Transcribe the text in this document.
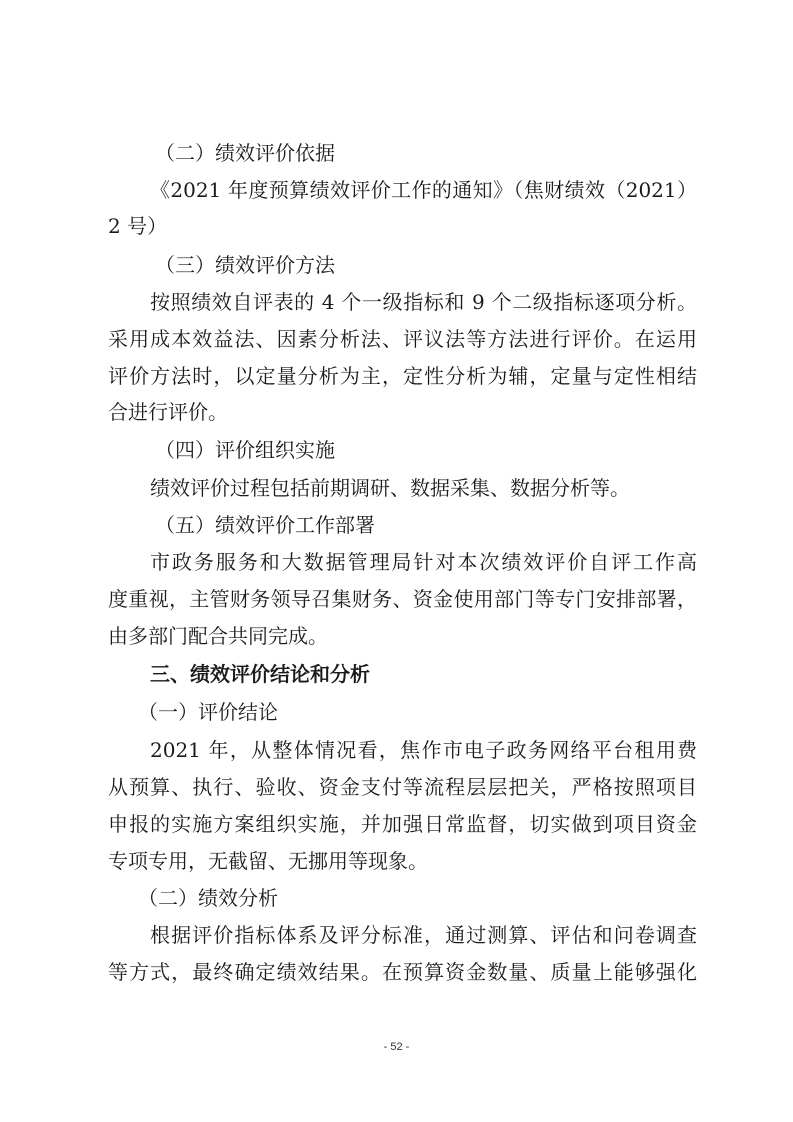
（二）绩效评价依据

《2021 年度预算绩效评价工作的通知》（焦财绩效（2021）

2 号）

（三）绩效评价方法

按照绩效自评表的 4 个一级指标和 9 个二级指标逐项分析。

采用成本效益法、因素分析法、评议法等方法进行评价。在运用

评价方法时，以定量分析为主，定性分析为辅，定量与定性相结

合进行评价。

（四）评价组织实施

绩效评价过程包括前期调研、数据采集、数据分析等。

（五）绩效评价工作部署

市政务服务和大数据管理局针对本次绩效评价自评工作高

度重视，主管财务领导召集财务、资金使用部门等专门安排部署，

由多部门配合共同完成。

三、绩效评价结论和分析

（一）评价结论

2021 年，从整体情况看，焦作市电子政务网络平台租用费

从预算、执行、验收、资金支付等流程层层把关，严格按照项目

申报的实施方案组织实施，并加强日常监督，切实做到项目资金

专项专用，无截留、无挪用等现象。

（二）绩效分析

根据评价指标体系及评分标准，通过测算、评估和问卷调查

等方式，最终确定绩效结果。在预算资金数量、质量上能够强化

- 52 -
